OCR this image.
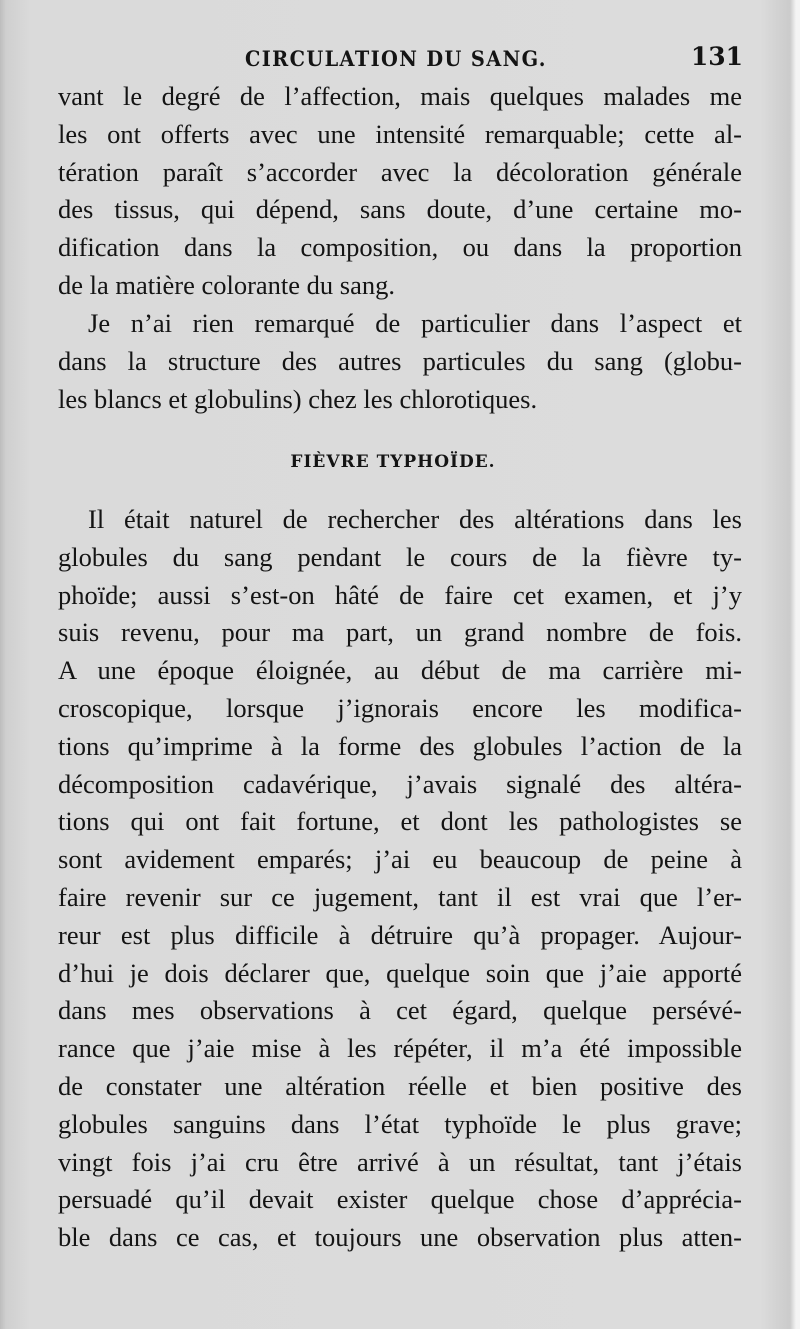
CIRCULATION DU SANG.	131
vant le degré de l’affection, mais quelques malades me
les ont offerts avec une intensité remarquable; cette al-
tération paraît s’accorder avec la décoloration générale
des tissus, qui dépend, sans doute, d’une certaine mo-
dification dans la composition, ou dans la proportion
de la matière colorante du sang.
Je n’ai rien remarqué de particulier dans l’aspect et
dans la structure des autres particules du sang (globu-
les blancs et globulins) chez les chlorotiques.
FIÈVRE TYPHOÏDE.
Il était naturel de rechercher des altérations dans les
globules du sang pendant le cours de la fièvre ty-
phoïde; aussi s’est-on hâté de faire cet examen, et j’y
suis revenu, pour ma part, un grand nombre de fois.
A une époque éloignée, au début de ma carrière mi-
croscopique, lorsque j’ignorais encore les modifica-
tions qu’imprime à la forme des globules l’action de la
décomposition cadavérique, j’avais signalé des altéra-
tions qui ont fait fortune, et dont les pathologistes se
sont avidement emparés; j’ai eu beaucoup de peine à
faire revenir sur ce jugement, tant il est vrai que l’er-
reur est plus difficile à détruire qu’à propager. Aujour-
d’hui je dois déclarer que, quelque soin que j’aie apporté
dans mes observations à cet égard, quelque persévé-
rance que j’aie mise à les répéter, il m’a été impossible
de constater une altération réelle et bien positive des
globules sanguins dans l’état typhoïde le plus grave;
vingt fois j’ai cru être arrivé à un résultat, tant j’étais
persuadé qu’il devait exister quelque chose d’apprécia-
ble dans ce cas, et toujours une observation plus atten-
